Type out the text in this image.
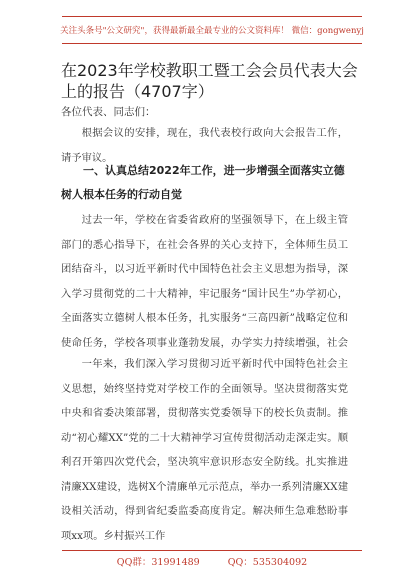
关注头条号"公文研究"，获得最新最全最专业的公文资料库！ 微信：gongwenyj
在2023年学校教职工暨工会会员代表大会上的报告（4707字）
各位代表、同志们：

根据会议的安排，现在，我代表校行政向大会报告工作，请予审议。

一、认真总结2022年工作，进一步增强全面落实立德树人根本任务的行动自觉

过去一年，学校在省委省政府的坚强领导下，在上级主管部门的悉心指导下，在社会各界的关心支持下，全体师生员工团结奋斗，以习近平新时代中国特色社会主义思想为指导，深入学习贯彻党的二十大精神，牢记服务“国计民生”办学初心，全面落实立德树人根本任务，扎实服务“三高四新”战略定位和使命任务，学校各项事业蓬勃发展，办学实力持续增强，社会

一年来，我们深入学习贯彻习近平新时代中国特色社会主义思想，始终坚持党对学校工作的全面领导。坚决贯彻落实党中央和省委决策部署，贯彻落实党委领导下的校长负责制。推动“初心耀XX”党的二十大精神学习宣传贯彻活动走深走实。顺利召开第四次党代会，坚决筑牢意识形态安全防线。扎实推进清廉XX建设，选树X个清廉单元示范点，举办一系列清廉XX建设相关活动，得到省纪委监委高度肯定。解决师生急难愁盼事项xx项。乡村振兴工作

QQ群：31991489	QQ：535304092
